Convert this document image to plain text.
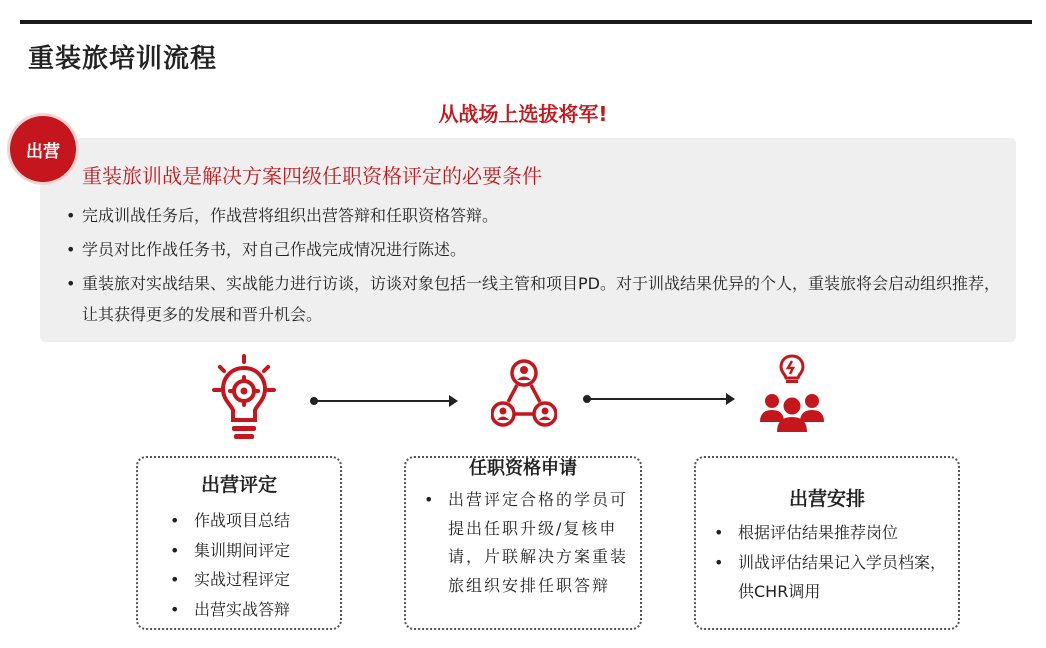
重装旅培训流程
从战场上选拔将军!
出营
重装旅训战是解决方案四级任职资格评定的必要条件
• 完成训战任务后，作战营将组织出营答辩和任职资格答辩。
• 学员对比作战任务书，对自己作战完成情况进行陈述。
• 重装旅对实战结果、实战能力进行访谈，访谈对象包括一线主管和项目PD。对于训战结果优异的个人，重装旅将会启动组织推荐，让其获得更多的发展和晋升机会。
出营评定
• 作战项目总结
• 集训期间评定
• 实战过程评定
• 出营实战答辩
任职资格申请
• 出营评定合格的学员可提出任职升级/复核申请，片联解决方案重装旅组织安排任职答辩
出营安排
• 根据评估结果推荐岗位
• 训战评估结果记入学员档案，供CHR调用
